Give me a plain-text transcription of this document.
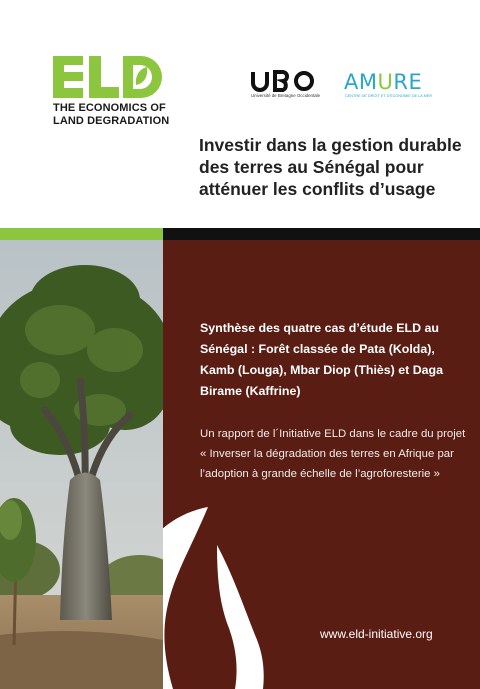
THE ECONOMICS OF
LAND DEGRADATION
Université de Bretagne Occidentale
AMURE
CENTRE DE DROIT ET D'ÉCONOMIE DE LA MER
Investir dans la gestion durable des terres au Sénégal pour atténuer les conflits d’usage

Synthèse des quatre cas d’étude ELD au Sénégal : Forêt classée de Pata (Kolda), Kamb (Louga), Mbar Diop (Thiès) et Daga Birame (Kaffrine)

Un rapport de l´Initiative ELD dans le cadre du projet « Inverser la dégradation des terres en Afrique par l’adoption à grande échelle de l’agroforesterie »

www.eld-initiative.org
